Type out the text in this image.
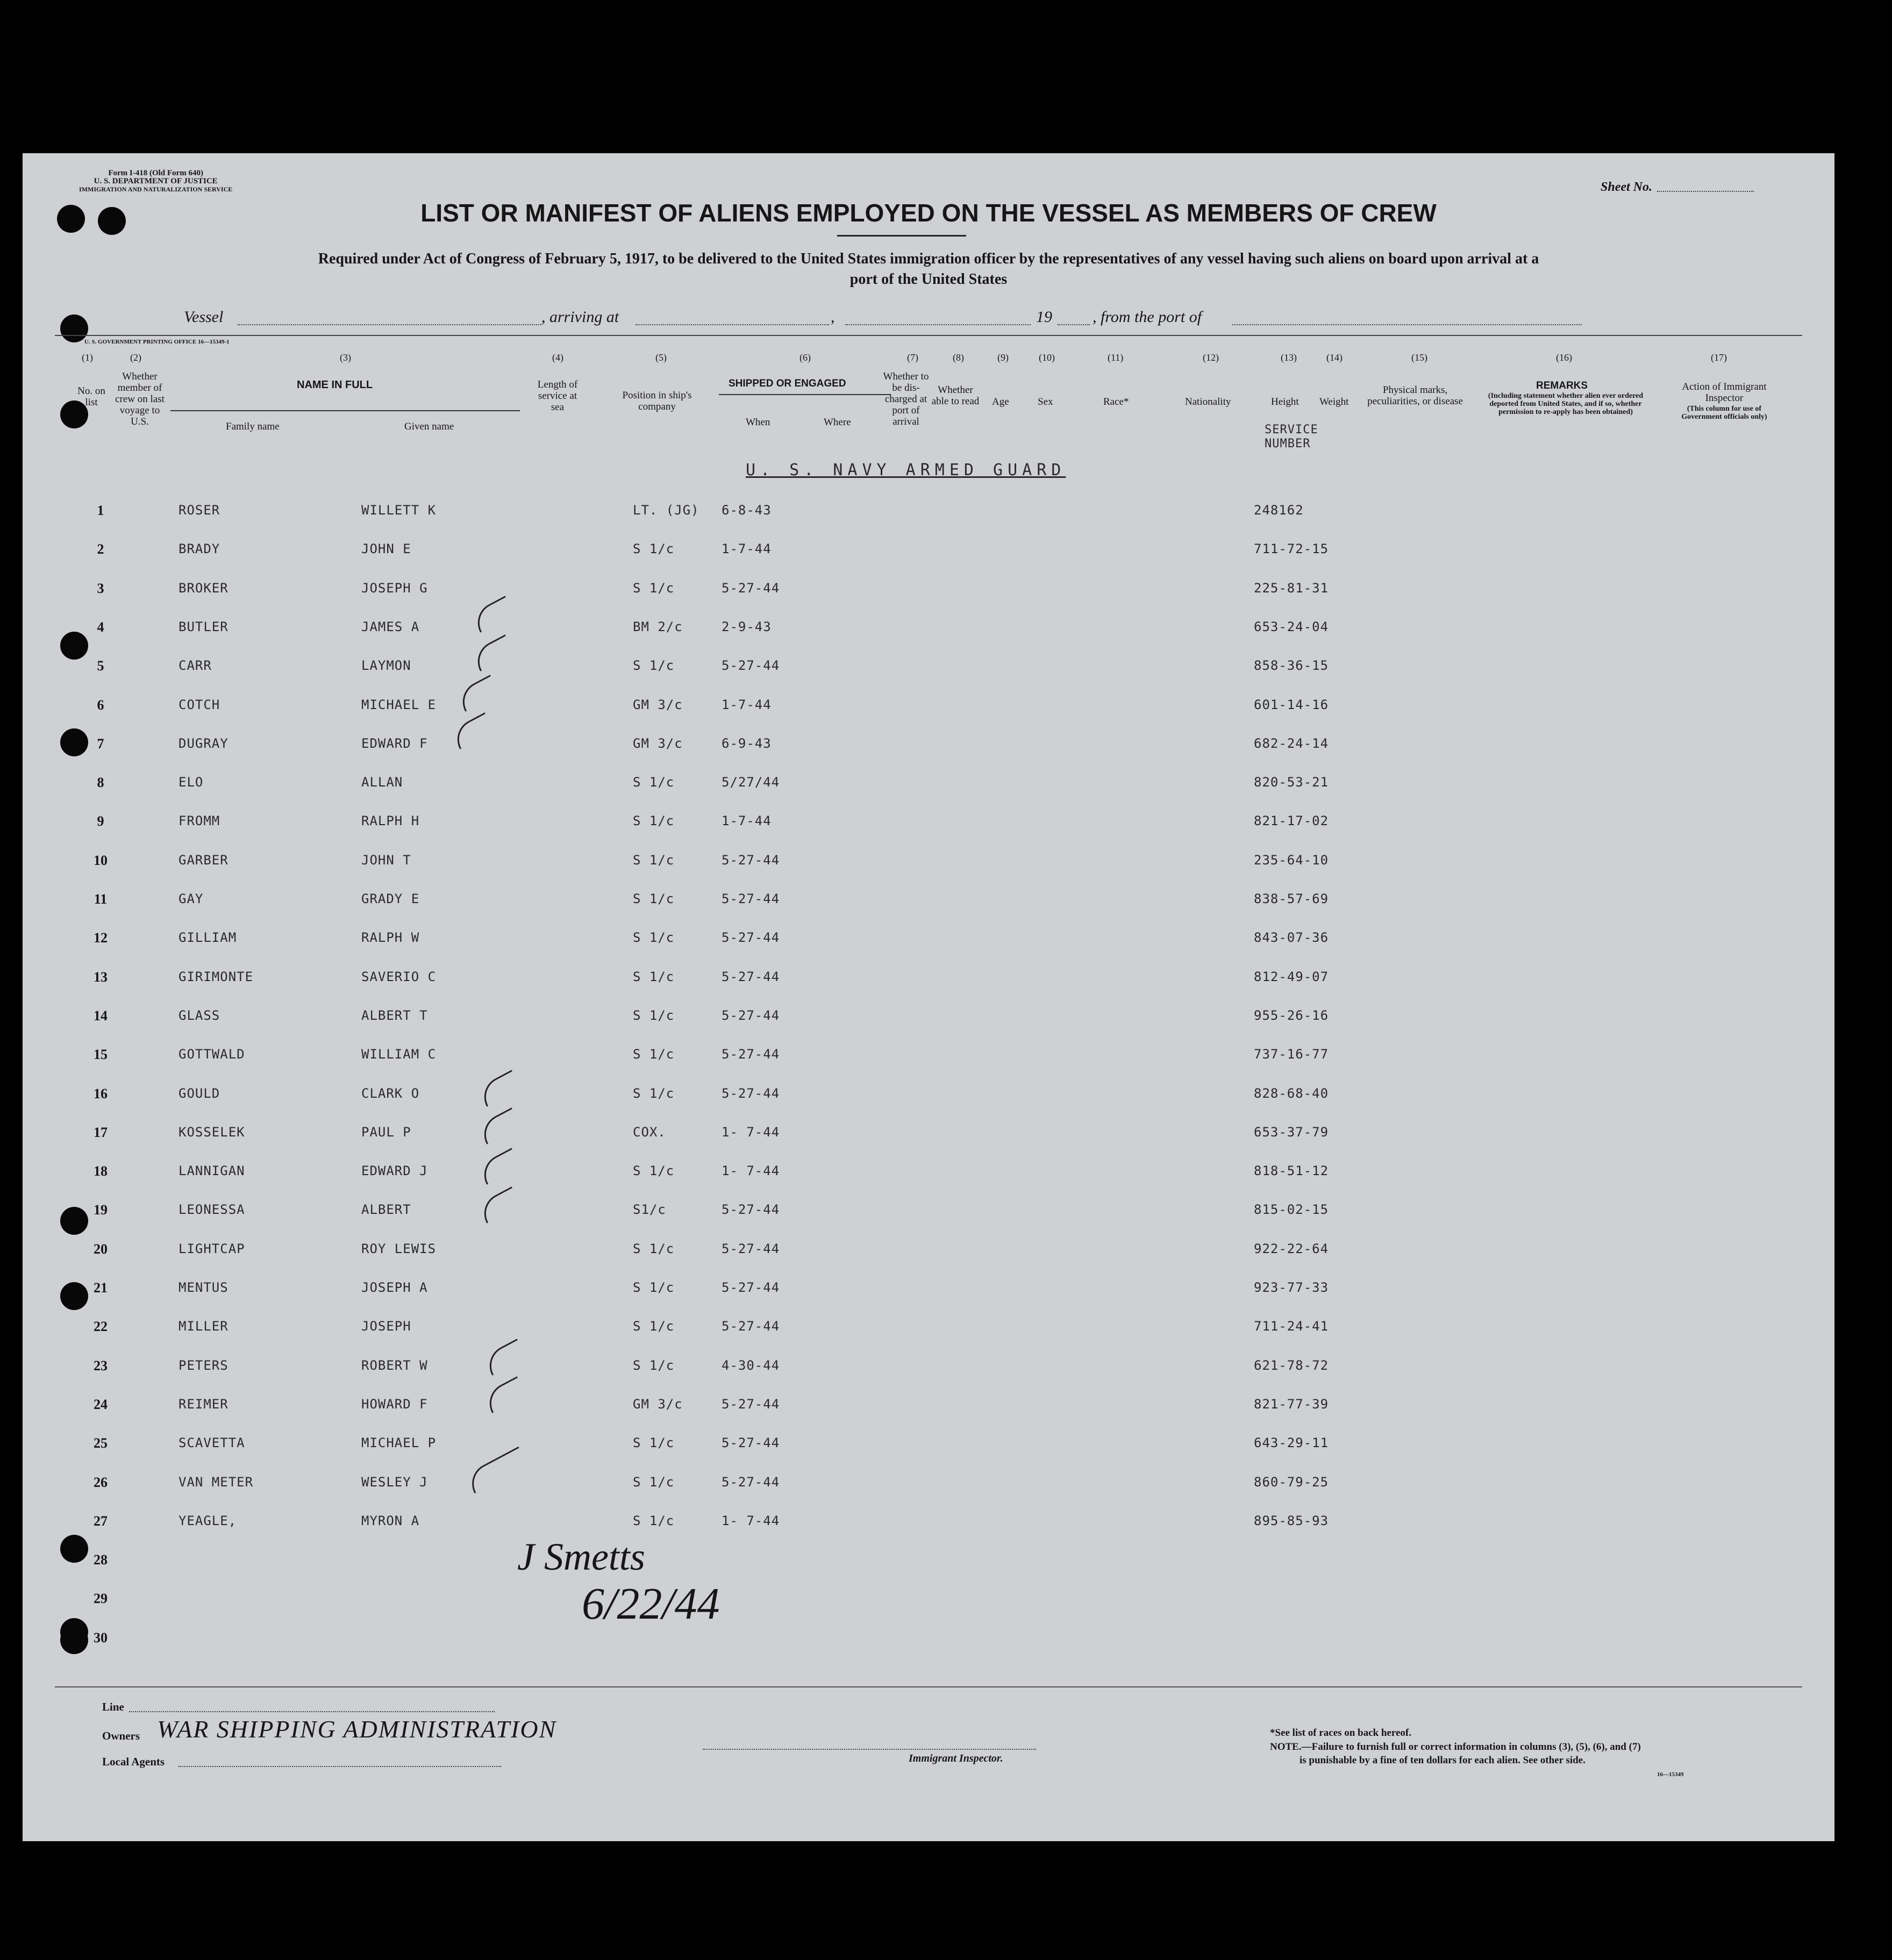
Form I-418 (Old Form 640)
U. S. DEPARTMENT OF JUSTICE
IMMIGRATION AND NATURALIZATION SERVICE	Sheet No.
LIST OR MANIFEST OF ALIENS EMPLOYED ON THE VESSEL AS MEMBERS OF CREW
Required under Act of Congress of February 5, 1917, to be delivered to the United States immigration officer by the representatives of any vessel having such aliens on board upon arrival at a
port of the United States
Vessel	, arriving at	,	19	, from the port of
U. S. GOVERNMENT PRINTING OFFICE 16—15349-1
(1)	(2)	(3)	(4)	(5)	(6)	(7)	(8)	(9)	(10)	(11)	(12)	(13)	(14)	(15)	(16)	(17)
No. on list
Whether member of crew on last voyage to U.S.
NAME IN FULL
Family name	Given name
Length of service at sea
Position in ship's company
SHIPPED OR ENGAGED
When	Where
Whether to be dis-charged at port of arrival
Whether able to read Age	Sex	Race*	Nationality	Height Weight
SERVICE NUMBER
Physical marks, peculiarities, or disease
REMARKS
(Including statement whether alien ever ordered deported from United States, and if so, whether permission to re-apply has been obtained)
Action of Immigrant Inspector
(This column for use of Government officials only)
U. S. NAVY ARMED GUARD
1	ROSER	WILLETT K	LT. (JG) 6-8-43	248162
2	BRADY	JOHN E	S 1/c	1-7-44	711-72-15
3	BROKER	JOSEPH G	S 1/c	5-27-44	225-81-31
4	BUTLER	JAMES A	BM 2/c	2-9-43	653-24-04
5	CARR	LAYMON	S 1/c	5-27-44	858-36-15
6	COTCH	MICHAEL E	GM 3/c	1-7-44	601-14-16
7	DUGRAY	EDWARD F	GM 3/c	6-9-43	682-24-14
8	ELO	ALLAN	S 1/c	5/27/44	820-53-21
9	FROMM	RALPH H	S 1/c	1-7-44	821-17-02
10	GARBER	JOHN T	S 1/c	5-27-44	235-64-10
11	GAY	GRADY E	S 1/c	5-27-44	838-57-69
12	GILLIAM	RALPH W	S 1/c	5-27-44	843-07-36
13	GIRIMONTE	SAVERIO C	S 1/c	5-27-44	812-49-07
14	GLASS	ALBERT T	S 1/c	5-27-44	955-26-16
15	GOTTWALD	WILLIAM C	S 1/c	5-27-44	737-16-77
16	GOULD	CLARK O	S 1/c	5-27-44	828-68-40
17	KOSSELEK	PAUL P	COX.	1- 7-44	653-37-79
18	LANNIGAN	EDWARD J	S 1/c	1- 7-44	818-51-12
19	LEONESSA	ALBERT	S1/c	5-27-44	815-02-15
20	LIGHTCAP	ROY LEWIS	S 1/c	5-27-44	922-22-64
21	MENTUS	JOSEPH A	S 1/c	5-27-44	923-77-33
22	MILLER	JOSEPH	S 1/c	5-27-44	711-24-41
23	PETERS	ROBERT W	S 1/c	4-30-44	621-78-72
24	REIMER	HOWARD F	GM 3/c	5-27-44	821-77-39
25	SCAVETTA	MICHAEL P	S 1/c	5-27-44	643-29-11
26	VAN METER	WESLEY J	S 1/c	5-27-44	860-79-25
27	YEAGLE,	MYRON A	S 1/c	1- 7-44	895-85-93
28
29
30
J Smetts
6/22/44
Line
Owners WAR SHIPPING ADMINISTRATION
Local Agents	Immigrant Inspector.
*See list of races on back hereof.
NOTE.—Failure to furnish full or correct information in columns (3), (5), (6), and (7)
is punishable by a fine of ten dollars for each alien. See other side.
16—15349
